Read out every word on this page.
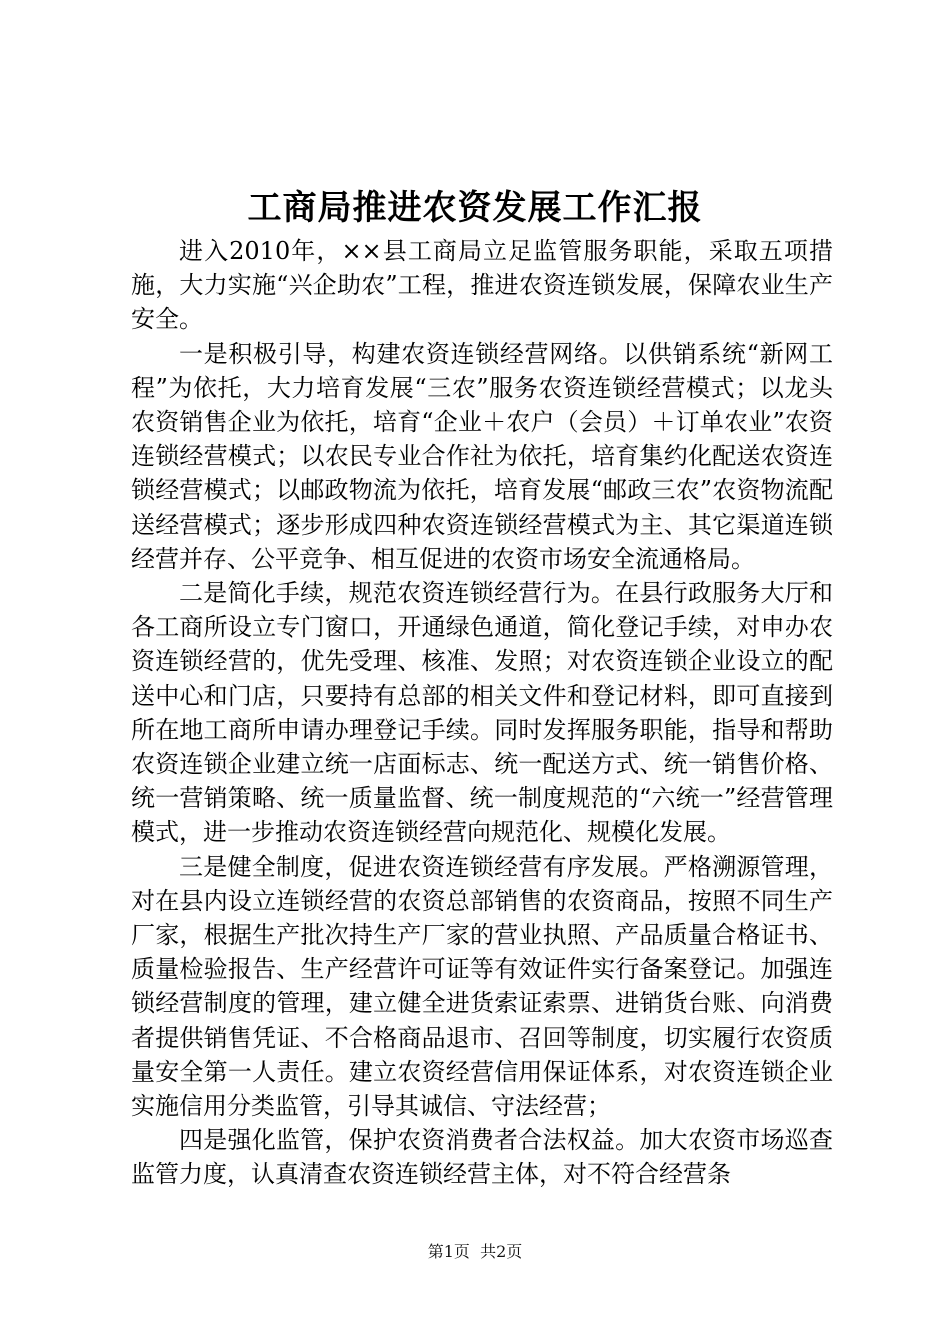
工商局推进农资发展工作汇报

进入2010年，××县工商局立足监管服务职能，采取五项措施，大力实施“兴企助农”工程，推进农资连锁发展，保障农业生产安全。

一是积极引导，构建农资连锁经营网络。以供销系统“新网工程”为依托，大力培育发展“三农”服务农资连锁经营模式；以龙头农资销售企业为依托，培育“企业＋农户（会员）＋订单农业”农资连锁经营模式；以农民专业合作社为依托，培育集约化配送农资连锁经营模式；以邮政物流为依托，培育发展“邮政三农”农资物流配送经营模式；逐步形成四种农资连锁经营模式为主、其它渠道连锁经营并存、公平竞争、相互促进的农资市场安全流通格局。

二是简化手续，规范农资连锁经营行为。在县行政服务大厅和各工商所设立专门窗口，开通绿色通道，简化登记手续，对申办农资连锁经营的，优先受理、核准、发照；对农资连锁企业设立的配送中心和门店，只要持有总部的相关文件和登记材料，即可直接到所在地工商所申请办理登记手续。同时发挥服务职能，指导和帮助农资连锁企业建立统一店面标志、统一配送方式、统一销售价格、统一营销策略、统一质量监督、统一制度规范的“六统一”经营管理模式，进一步推动农资连锁经营向规范化、规模化发展。

三是健全制度，促进农资连锁经营有序发展。严格溯源管理，对在县内设立连锁经营的农资总部销售的农资商品，按照不同生产厂家，根据生产批次持生产厂家的营业执照、产品质量合格证书、质量检验报告、生产经营许可证等有效证件实行备案登记。加强连锁经营制度的管理，建立健全进货索证索票、进销货台账、向消费者提供销售凭证、不合格商品退市、召回等制度，切实履行农资质量安全第一人责任。建立农资经营信用保证体系，对农资连锁企业实施信用分类监管，引导其诚信、守法经营；

四是强化监管，保护农资消费者合法权益。加大农资市场巡查监管力度，认真清查农资连锁经营主体，对不符合经营条

第1页  共2页
